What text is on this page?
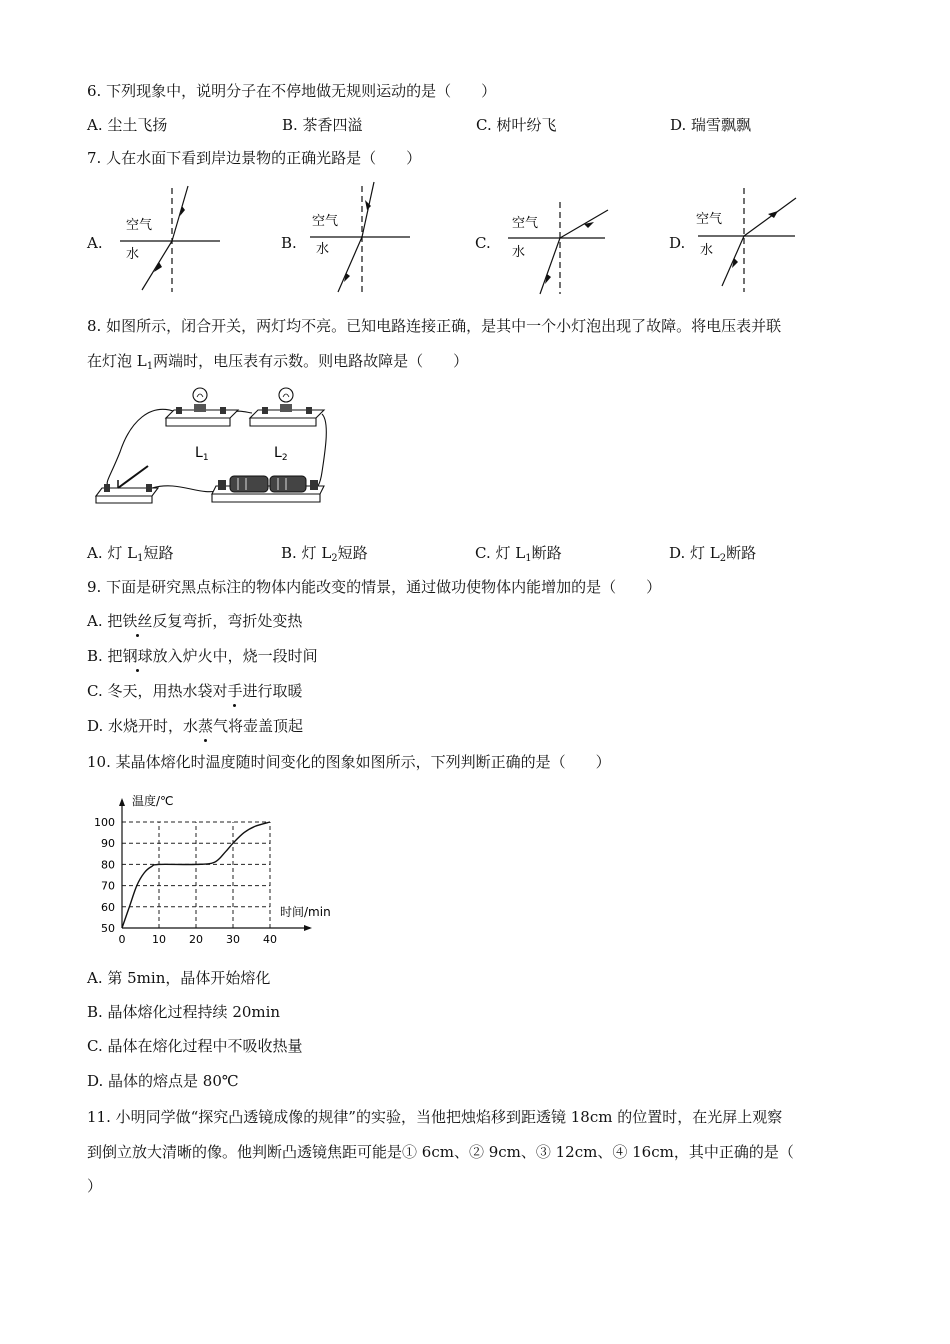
6. 下列现象中，说明分子在不停地做无规则运动的是（　　）
A. 尘土飞扬	B. 茶香四溢	C. 树叶纷飞	D. 瑞雪飘飘
7. 人在水面下看到岸边景物的正确光路是（　　）
A.
空气
水
B.
空气
水	C.
空气
水
D.
空气
水
8. 如图所示，闭合开关，两灯均不亮。已知电路连接正确，是其中一个小灯泡出现了故障。将电压表并联
在灯泡 $L_1$两端时，电压表有示数。则电路故障是（　　）
$L_1$	$L_2$
A. 灯 $L_1$短路	B. 灯 $L_2$短路	C. 灯 $L_1$断路	D. 灯 $L_2$断路
9. 下面是研究黑点标注的物体内能改变的情景，通过做功使物体内能增加的是（　　）
A. 把铁丝反复弯折，弯折处变热
B. 把钢球放入炉火中，烧一段时间
C. 冬天，用热水袋对手进行取暖
D. 水烧开时，水蒸气将壶盖顶起
10. 某晶体熔化时温度随时间变化的图象如图所示，下列判断正确的是（　　）
0 10 20 30 40
50
60
70
80
90
100
温度/℃
时间/min
A. 第 5min，晶体开始熔化
B. 晶体熔化过程持续 20min
C. 晶体在熔化过程中不吸收热量
D. 晶体的熔点是 80℃
11. 小明同学做“探究凸透镜成像的规律”的实验，当他把烛焰移到距透镜 18cm 的位置时，在光屏上观察
到倒立放大清晰的像。他判断凸透镜焦距可能是① 6cm、② 9cm、③ 12cm、④ 16cm，其中正确的是（
）
